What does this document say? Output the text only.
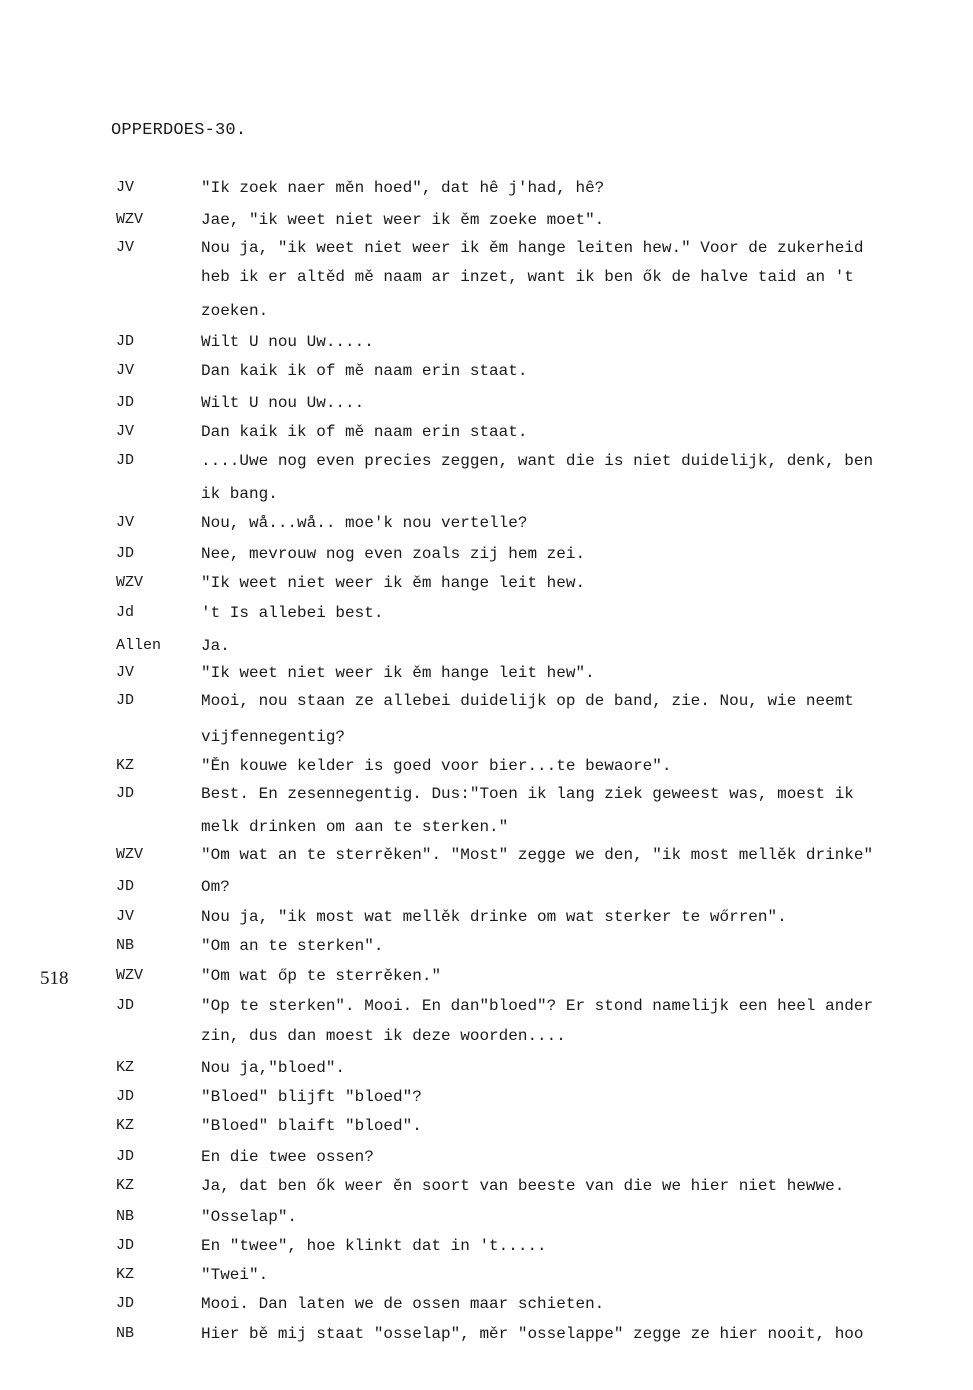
OPPERDOES-30.
518
JV	"Ik zoek naer měn hoed", dat hê j'had, hê?
WZV	Jae, "ik weet niet weer ik ěm zoeke moet".
JV	Nou ja, "ik weet niet weer ik ěm hange leiten hew." Voor de zukerheid
heb ik er altěd mě naam ar inzet, want ik ben ők de halve taid an 't
zoeken.
JD	Wilt U nou Uw.....
JV	Dan kaik ik of mě naam erin staat.
JD	Wilt U nou Uw....
JV	Dan kaik ik of mě naam erin staat.
JD	....Uwe nog even precies zeggen, want die is niet duidelijk, denk, ben
ik bang.
JV	Nou, wå...wå.. moe'k nou vertelle?
JD	Nee, mevrouw nog even zoals zij hem zei.
WZV	"Ik weet niet weer ik ěm hange leit hew.
Jd	't Is allebei best.
Allen Ja.
JV	"Ik weet niet weer ik ěm hange leit hew".
JD	Mooi, nou staan ze allebei duidelijk op de band, zie. Nou, wie neemt
vijfennegentig?
KZ	"Ěn kouwe kelder is goed voor bier...te bewaore".
JD	Best. En zesennegentig. Dus:"Toen ik lang ziek geweest was, moest ik
melk drinken om aan te sterken."
WZV	"Om wat an te sterrěken". "Most" zegge we den, "ik most mellěk drinke"
JD	Om?
JV	Nou ja, "ik most wat mellěk drinke om wat sterker te wőrren".
NB	"Om an te sterken".
WZV	"Om wat őp te sterrěken."
JD	"Op te sterken". Mooi. En dan"bloed"? Er stond namelijk een heel ander
zin, dus dan moest ik deze woorden....
KZ	Nou ja,"bloed".
JD	"Bloed" blijft "bloed"?
KZ	"Bloed" blaift "bloed".
JD	En die twee ossen?
KZ	Ja, dat ben ők weer ěn soort van beeste van die we hier niet hewwe.
NB	"Osselap".
JD	En "twee", hoe klinkt dat in 't.....
KZ	"Twei".
JD	Mooi. Dan laten we de ossen maar schieten.
NB	Hier bě mij staat "osselap", měr "osselappe" zegge ze hier nooit, hoo
